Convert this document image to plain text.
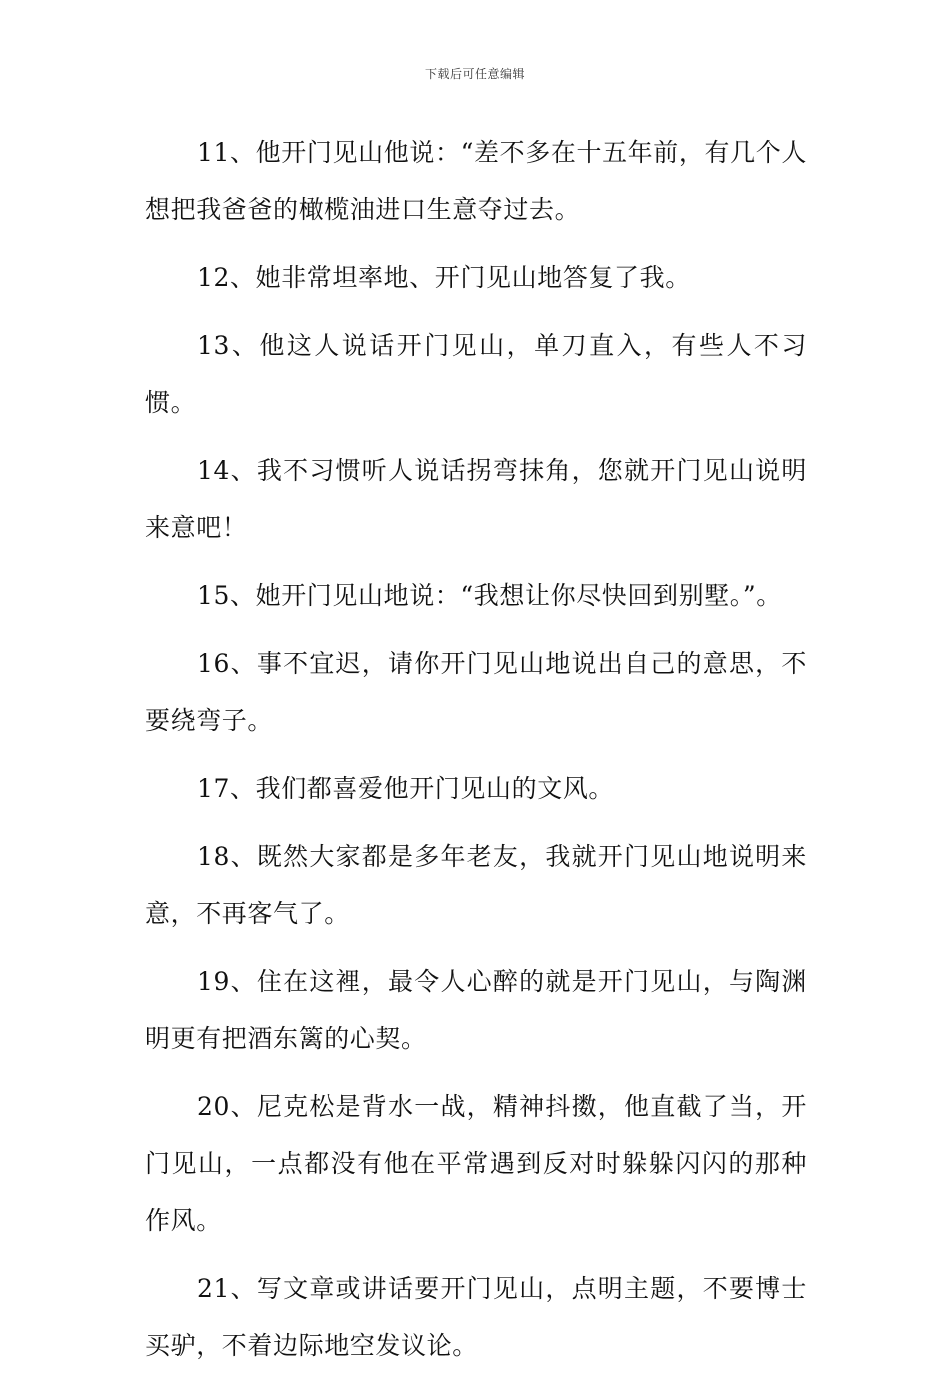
下载后可任意编辑

11、他开门见山他说：“差不多在十五年前，有几个人想把我爸爸的橄榄油进口生意夺过去。

12、她非常坦率地、开门见山地答复了我。

13、他这人说话开门见山，单刀直入，有些人不习惯。

14、我不习惯听人说话拐弯抹角，您就开门见山说明来意吧！

15、她开门见山地说：“我想让你尽快回到别墅。”。

16、事不宜迟，请你开门见山地说出自己的意思，不要绕弯子。

17、我们都喜爱他开门见山的文风。

18、既然大家都是多年老友，我就开门见山地说明来意，不再客气了。

19、住在这裡，最令人心醉的就是开门见山，与陶渊明更有把酒东篱的心契。

20、尼克松是背水一战，精神抖擞，他直截了当，开门见山，一点都没有他在平常遇到反对时躲躲闪闪的那种作风。

21、写文章或讲话要开门见山，点明主题，不要博士买驴，不着边际地空发议论。
